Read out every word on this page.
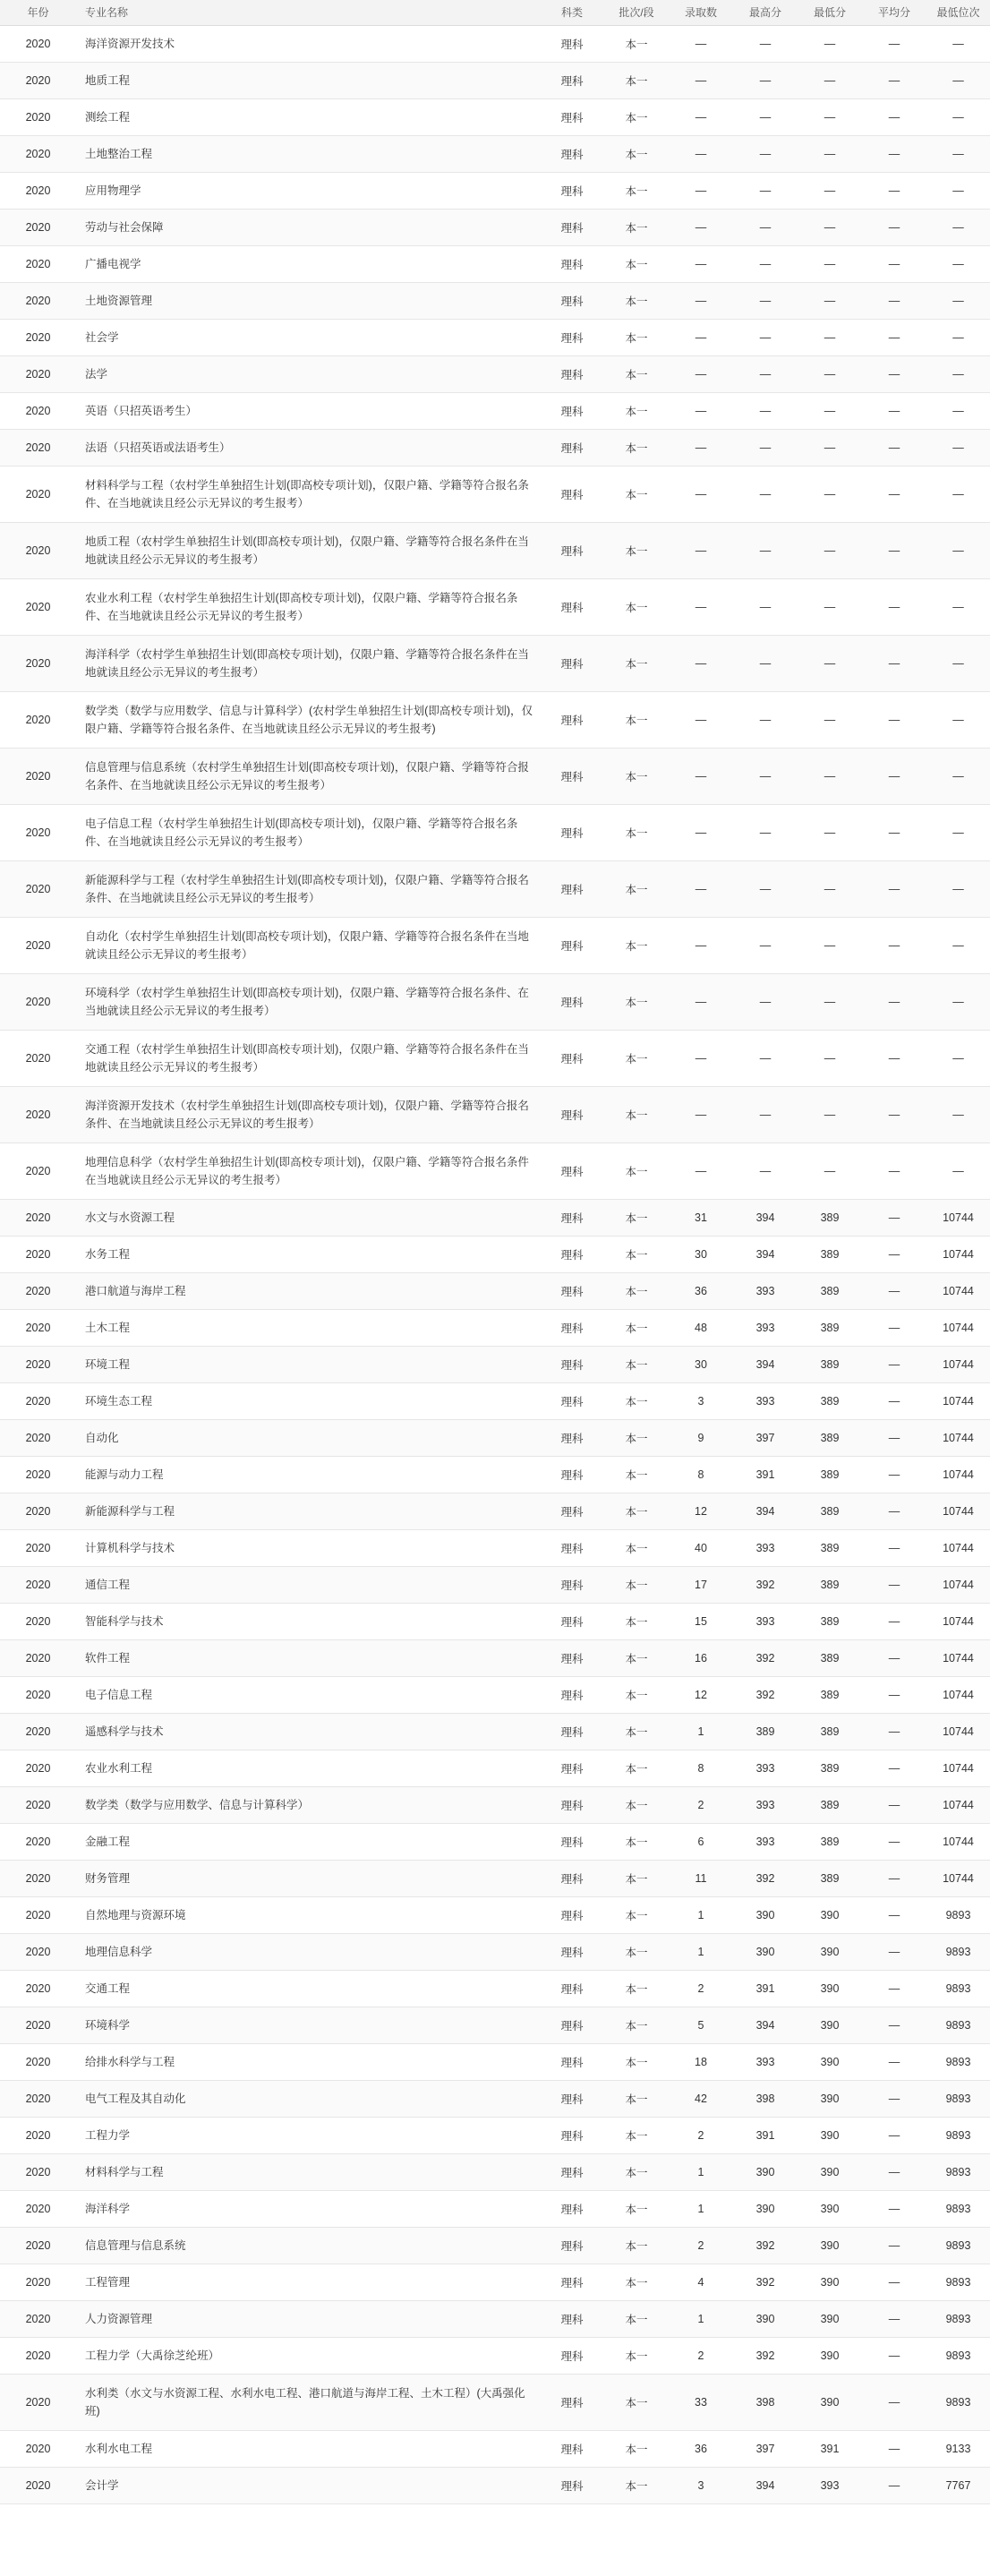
年份	专业名称	科类	批次/段	录取数	最高分	最低分	平均分	最低位次
2020	海洋资源开发技术	理科	本一	—	—	—	—	—
2020	地质工程	理科	本一	—	—	—	—	—
2020	测绘工程	理科	本一	—	—	—	—	—
2020	土地整治工程	理科	本一	—	—	—	—	—
2020	应用物理学	理科	本一	—	—	—	—	—
2020	劳动与社会保障	理科	本一	—	—	—	—	—
2020	广播电视学	理科	本一	—	—	—	—	—
2020	土地资源管理	理科	本一	—	—	—	—	—
2020	社会学	理科	本一	—	—	—	—	—
2020	法学	理科	本一	—	—	—	—	—
2020	英语（只招英语考生）	理科	本一	—	—	—	—	—
2020	法语（只招英语或法语考生）	理科	本一	—	—	—	—	—
2020	材料科学与工程（农村学生单独招生计划(即高校专项计划)，仅限户籍、学籍等符合报名条件、在当地就读且经公示无异议的考生报考）	理科	本一	—	—	—	—	—
2020	地质工程（农村学生单独招生计划(即高校专项计划)，仅限户籍、学籍等符合报名条件在当地就读且经公示无异议的考生报考）	理科	本一	—	—	—	—	—
2020	农业水利工程（农村学生单独招生计划(即高校专项计划)，仅限户籍、学籍等符合报名条件、在当地就读且经公示无异议的考生报考）	理科	本一	—	—	—	—	—
2020	海洋科学（农村学生单独招生计划(即高校专项计划)，仅限户籍、学籍等符合报名条件在当地就读且经公示无异议的考生报考）	理科	本一	—	—	—	—	—
2020	数学类（数学与应用数学、信息与计算科学）(农村学生单独招生计划(即高校专项计划)，仅限户籍、学籍等符合报名条件、在当地就读且经公示无异议的考生报考)	理科	本一	—	—	—	—	—
2020	信息管理与信息系统（农村学生单独招生计划(即高校专项计划)，仅限户籍、学籍等符合报名条件、在当地就读且经公示无异议的考生报考）	理科	本一	—	—	—	—	—
2020	电子信息工程（农村学生单独招生计划(即高校专项计划)，仅限户籍、学籍等符合报名条件、在当地就读且经公示无异议的考生报考）	理科	本一	—	—	—	—	—
2020	新能源科学与工程（农村学生单独招生计划(即高校专项计划)，仅限户籍、学籍等符合报名条件、在当地就读且经公示无异议的考生报考）	理科	本一	—	—	—	—	—
2020	自动化（农村学生单独招生计划(即高校专项计划)，仅限户籍、学籍等符合报名条件在当地就读且经公示无异议的考生报考）	理科	本一	—	—	—	—	—
2020	环境科学（农村学生单独招生计划(即高校专项计划)，仅限户籍、学籍等符合报名条件、在当地就读且经公示无异议的考生报考）	理科	本一	—	—	—	—	—
2020	交通工程（农村学生单独招生计划(即高校专项计划)，仅限户籍、学籍等符合报名条件在当地就读且经公示无异议的考生报考）	理科	本一	—	—	—	—	—
2020	海洋资源开发技术（农村学生单独招生计划(即高校专项计划)，仅限户籍、学籍等符合报名条件、在当地就读且经公示无异议的考生报考）	理科	本一	—	—	—	—	—
2020	地理信息科学（农村学生单独招生计划(即高校专项计划)，仅限户籍、学籍等符合报名条件在当地就读且经公示无异议的考生报考）	理科	本一	—	—	—	—	—
2020	水文与水资源工程	理科	本一	31	394	389	—	10744
2020	水务工程	理科	本一	30	394	389	—	10744
2020	港口航道与海岸工程	理科	本一	36	393	389	—	10744
2020	土木工程	理科	本一	48	393	389	—	10744
2020	环境工程	理科	本一	30	394	389	—	10744
2020	环境生态工程	理科	本一	3	393	389	—	10744
2020	自动化	理科	本一	9	397	389	—	10744
2020	能源与动力工程	理科	本一	8	391	389	—	10744
2020	新能源科学与工程	理科	本一	12	394	389	—	10744
2020	计算机科学与技术	理科	本一	40	393	389	—	10744
2020	通信工程	理科	本一	17	392	389	—	10744
2020	智能科学与技术	理科	本一	15	393	389	—	10744
2020	软件工程	理科	本一	16	392	389	—	10744
2020	电子信息工程	理科	本一	12	392	389	—	10744
2020	遥感科学与技术	理科	本一	1	389	389	—	10744
2020	农业水利工程	理科	本一	8	393	389	—	10744
2020	数学类（数学与应用数学、信息与计算科学）	理科	本一	2	393	389	—	10744
2020	金融工程	理科	本一	6	393	389	—	10744
2020	财务管理	理科	本一	11	392	389	—	10744
2020	自然地理与资源环境	理科	本一	1	390	390	—	9893
2020	地理信息科学	理科	本一	1	390	390	—	9893
2020	交通工程	理科	本一	2	391	390	—	9893
2020	环境科学	理科	本一	5	394	390	—	9893
2020	给排水科学与工程	理科	本一	18	393	390	—	9893
2020	电气工程及其自动化	理科	本一	42	398	390	—	9893
2020	工程力学	理科	本一	2	391	390	—	9893
2020	材料科学与工程	理科	本一	1	390	390	—	9893
2020	海洋科学	理科	本一	1	390	390	—	9893
2020	信息管理与信息系统	理科	本一	2	392	390	—	9893
2020	工程管理	理科	本一	4	392	390	—	9893
2020	人力资源管理	理科	本一	1	390	390	—	9893
2020	工程力学（大禹徐芝纶班）	理科	本一	2	392	390	—	9893
2020	水利类（水文与水资源工程、水利水电工程、港口航道与海岸工程、土木工程）(大禹强化班)	理科	本一	33	398	390	—	9893
2020	水利水电工程	理科	本一	36	397	391	—	9133
2020	会计学	理科	本一	3	394	393	—	7767
